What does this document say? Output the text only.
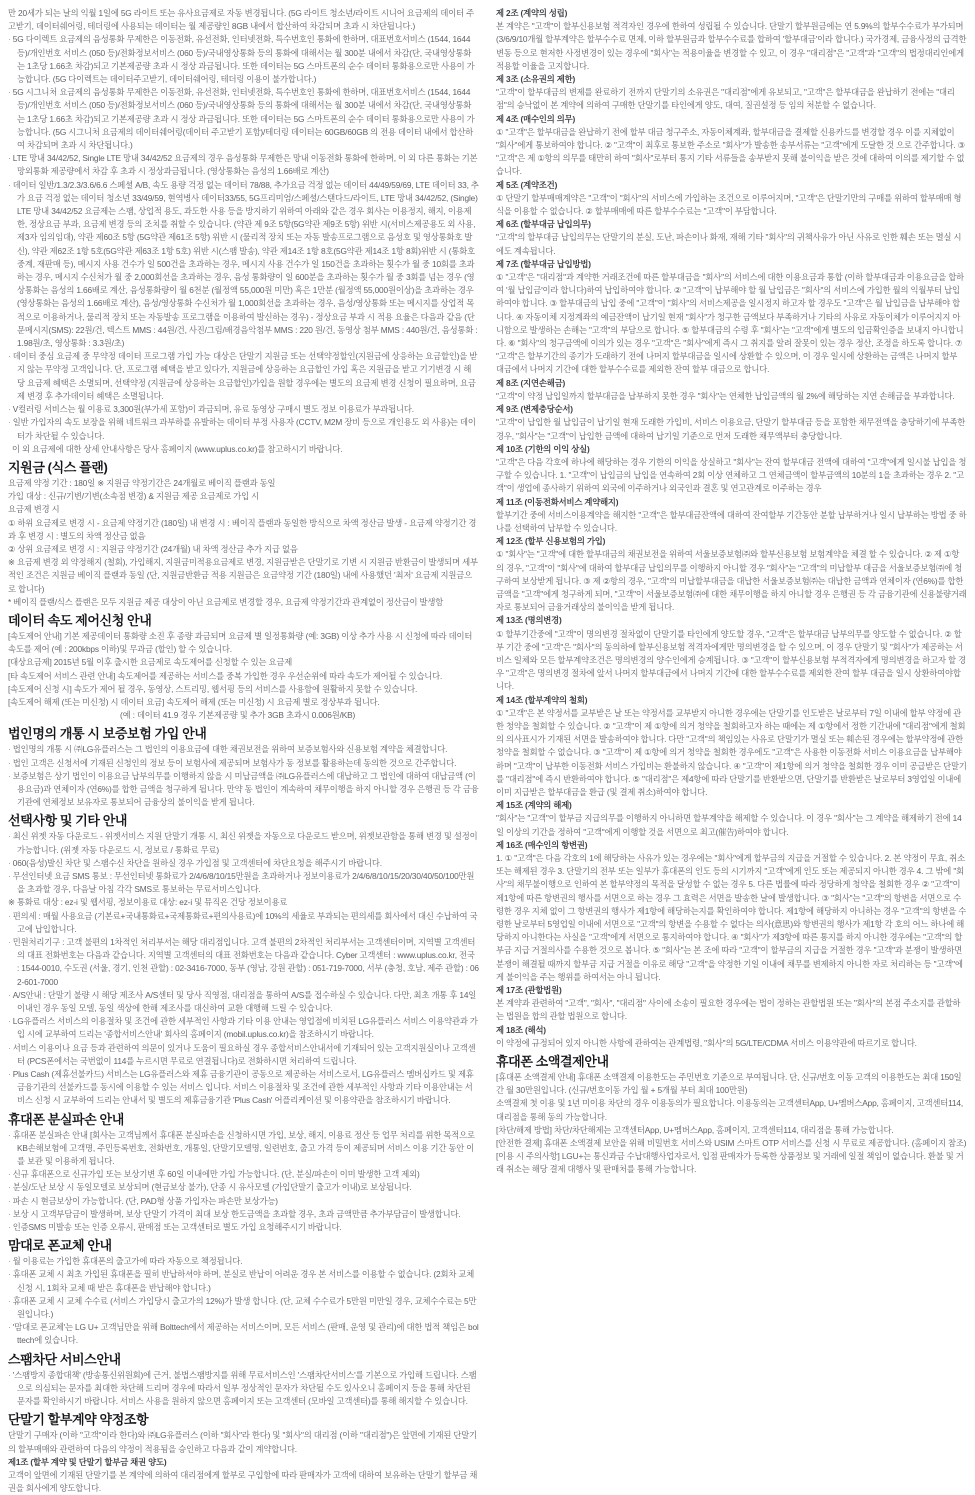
만 20세가 되는 날의 익월 1일에 5G 라이트 또는 유사요금제로 자동 변경됩니다. (5G 라이트 청소년/라이트 시니어 요금제의 데이터 주고받기, 데이터쉐어링, 테더링에 사용되는 데이터는 월 제공량인 8GB 내에서 합산하여 차감되며 초과 시 차단됩니다.)
· 5G 다이렉트 요금제의 음성통화 무제한은 이동전화, 유선전화, 인터넷전화, 특수번호인 통화에 한하며, 대표번호서비스 (1544, 1644 등)/개인번호 서비스 (050 등)/전화정보서비스 (060 등)/국내영상통화 등의 통화에 대해서는 월 300분 내에서 차감(단, 국내영상통화는 1초당 1.66초 차감)되고 기본제공량 초과 시 정상 과금됩니다. 또한 데이터는 5G 스마트폰의 순수 데이터 통화용으로만 사용이 가능합니다. (5G 다이렉트는 데이터주고받기, 데이터쉐어링, 테더링 이용이 불가합니다.)
· 5G 시그니처 요금제의 음성통화 무제한은 이동전화, 유선전화, 인터넷전화, 특수번호인 통화에 한하며, 대표번호서비스 (1544, 1644 등)/개인번호 서비스 (050 등)/전화정보서비스 (060 등)/국내영상통화 등의 통화에 대해서는 월 300분 내에서 차감(단, 국내영상통화는 1초당 1.66초 차감)되고 기본제공량 초과 시 정상 과금됩니다. 또한 데이터는 5G 스마트폰의 순수 데이터 통화용으로만 사용이 가능합니다. (5G 시그니처 요금제의 데이터쉐어링(데이터 주고받기 포함)/테더링 데이터는 60GB/60GB 의 전용 데이터 내에서 합산하여 차감되며 초과 시 차단됩니다.)
· LTE 망내 34/42/52, Single LTE 망내 34/42/52 요금제의 경우 음성통화 무제한은 망내 이동전화 통화에 한하며, 이 외 다른 통화는 기본 망외통화 제공량에서 차감 후 초과 시 정상과금됩니다. (영상통화는 음성의 1.66배로 계산)
· 데이터 일반/1.3/2.3/3.6/6.6 스페셜 A/B, 속도 용량 걱정 없는 데이터 78/88, 추가요금 걱정 없는 데이터 44/49/59/69, LTE 데이터 33, 추가 요금 걱정 없는 데이터 청소년 33/49/59, 현역병사 데이터33/55, 5G프리미엄/스페셜/스탠다드/라이트, LTE 망내 34/42/52, (Single)LTE 망내 34/42/52 요금제는 스팸, 상업적 용도, 과도한 사용 등을 방지하기 위하여 아래와 같은 경우 회사는 이용정지, 해지, 이용제한, 정상요금 부과, 요금제 변경 등의 조치를 취할 수 있습니다. (약관 제 9조 5항(5G약관 제9조 5항) 위반 시(서비스제공용도 외 사용, 제3자 임의임대), 약관 제60조 5항 (5G약관 제61조 5항) 위반 시 (물리적 장치 또는 자동 발송프로그램으로 음성호 및 영상통화호 발신), 약관 제62조 1항 5호(5G약관 제63조 1항 5호) 위반 시(스팸 발송), 약관 제14조 1항 8호(5G약관 제14조 1항 8회)위반 시 (통화호 중계, 재판매 등), 메시지 사용 건수가 일 500건을 초과하는 경우, 메시지 사용 건수가 일 150건을 초과하는 횟수가 월 중 10회를 초과하는 경우, 메시지 수신처가 월 중 2,000회선을 초과하는 경우, 음성 통화량이 일 600분을 초과하는 횟수가 월 중 3회를 넘는 경우 (영상통화는 음성의 1.66배로 계산, 음성통화량이 월 6천분 (월정액 55,000원 미만) 혹은 1만분 (월정액 55,000원이상)을 초과하는 경우 (영상통화는 음성의 1.66배로 계산), 음성/영상통화 수신처가 월 1,000회선을 초과하는 경우, 음성/영상통화 또는 메시지를 상업적 목적으로 이용하거나, 물리적 장치 또는 자동발송 프로그램을 이용하여 발신하는 경우) - 정상요금 부과 시 적용 요율은 다음과 같음 (단문메시지(SMS): 22원/건, 텍스트 MMS : 44원/건, 사진/그림/배경음악첨부 MMS : 220 원/건, 동영상 첨부 MMS : 440원/건, 음성통화 : 1.98원/초, 영상통화 : 3.3원/초)
· 데이터 중심 요금제 중 무약정 데이터 프로그램 가입 가능 대상은 단말기 지원금 또는 선택약정할인(지원금에 상응하는 요금할인)을 받지 않는 무약정 고객입니다. 단, 프로그램 혜택을 받고 있다가, 지원금에 상응하는 요금할인 가입 혹은 지원금을 받고 기기변경 시 해당 요금제 혜택은 소멸되며, 선택약정 (지원금에 상응하는 요금할인)가입을 원할 경우에는 별도의 요금제 변경 신청이 필요하며, 요금제 변경 후 추가데이터 혜택은 소멸됩니다.
· V컬러링 서비스는 월 이용료 3,300원(부가세 포함)이 과금되며, 유료 동영상 구매시 별도 정보 이용료가 부과됩니다.
· 일반 가입자의 속도 보장을 위해 네트워크 과부하를 유발하는 데이터 부정 사용자 (CCTV, M2M 장비 등으로 개인용도 외 사용)는 데이터가 차단될 수 있습니다.
이 외 요금제에 대한 상세 안내사항은 당사 홈페이지 (www.uplus.co.kr)를 참고하시기 바랍니다.
지원금 (식스 플랜)
요금제 약정 기간 : 180일 ※ 지원금 약정기간은 24개월로 베이직 플랜과 동일
가입 대상 : 신규/기변/기변(소속점 변경) & 지원금 제공 요금제로 가입 시
요금제 변경 시
① 하위 요금제로 변경 시 - 요금제 약정기간 (180일) 내 변경 시 : 베이직 플랜과 동일한 방식으로 차액 정산금 발생 - 요금제 약정기간 경과 후 변경 시 : 별도의 차액 정산금 없음
② 상위 요금제로 변경 시 : 지원금 약정기간 (24개월) 내 차액 정산금 추가 지급 없음
※ 요금제 변경 외 약정해지 (철회), 가입해지, 지원금미적용요금제로 변경, 지원금받은 단말기로 기변 시 지원금 반환금이 발생되며 세부적인 조건은 지원금 베이직 플랜과 동일 (단, 지원금반환금 적용 지원금은 요금약정 기간 (180일) 내에 사용했던 '최저' 요금제 지원금으로 합니다)
* 베이직 플랜/식스 플랜은 모두 지원금 제공 대상이 아닌 요금제로 변경할 경우, 요금제 약정기간과 관계없이 정산금이 발생함
데이터 속도 제어신청 안내
[속도제어 안내] 기본 제공데이터 통화량 소진 후 종량 과금되며 요금제 별 일정통화량 (예: 3GB) 이상 추가 사용 시 신청에 따라 데이터 속도를 제어 (예 : 200kbps 이하)및 무과금 (할인) 할 수 있습니다.
[대상요금제] 2015년 5월 이후 출시한 요금제로 속도제어를 신청할 수 있는 요금제
[타 속도제어 서비스 관련 안내] 속도제어를 제공하는 서비스를 중복 가입한 경우 우선순위에 따라 속도가 제어될 수 있습니다.
[속도제어 신청 시] 속도가 제어 될 경우, 동영상, 스트리밍, 웹서핑 등의 서비스를 사용함에 원활하지 못할 수 있습니다.
[속도제어 해제 (또는 미신청) 시 데이터 요금] 속도제어 해제 (또는 미신청) 시 요금제 별로 정상부과 됩니다.
(예 : 데이터 41.9 경우 기본제공량 및 추가 3GB 초과시 0.006원/KB)
법인명의 개통 시 보증보험 가입 안내
· 법인명의 개통 시 ㈜LG유플러스는 그 법인의 이용요금에 대한 채권보전을 위하여 보증보험사와 신용보험 계약을 체결합니다.
· 법인 고객은 신청서에 기재된 신청인의 정보 등이 보험사에 제공되며 보험사가 동 정보를 활용하는데 동의한 것으로 간주합니다.
· 보증보험은 상기 법인이 이용요금 납부의무를 이행하지 않을 시 미납금액을 ㈜LG유플러스에 대납하고 그 법인에 대하여 대납금액 (이용요금)과 연체이자 (연6%)를 합한 금액을 청구하게 됩니다. 만약 동 법인이 계속하여 채무이행을 하지 아니할 경우 은행권 등 각 금융기관에 연체정보 보유자로 통보되어 금융상의 불이익을 받게 됩니다.
선택사항 및 기타 안내
· 최신 위젯 자동 다운로드 - 위젯서비스 지원 단말기 개통 시, 최신 위젯을 자동으로 다운로드 받으며, 위젯보관함을 통해 변경 및 설정이 가능합니다. (위젯 자동 다운로드 시, 정보료 / 통화료 무료)
· 060(음성)발신 차단 및 스팸수신 차단을 원하실 경우 가입점 및 고객센터에 차단요청을 해주시기 바랍니다.
· 무선인터넷 요금 SMS 통보 : 무선인터넷 통화료가 2/4/6/8/10/15만원을 초과하거나 정보이용료가 2/4/6/8/10/15/20/30/40/50/100만원을 초과할 경우, 다음날 아침 각각 SMS로 통보하는 무료서비스입니다.
※ 통화료 대상 : ez-i 및 웹서핑, 정보이용료 대상: ez-i 및 뮤직온 건당 정보이용료
· 편의세 : 매월 사용요금 (기본료+국내통화료+국제통화료+편의사용료)에 10%의 세율로 부과되는 편의세를 회사에서 대신 수납하여 국고에 납입합니다.
· 민원처리기구 : 고객 불편의 1차적인 처리부서는 해당 대리점입니다. 고객 불편의 2차적인 처리부서는 고객센터이며, 지역별 고객센터의 대표 전화번호는 다음과 같습니다. 지역별 고객센터의 대표 전화번호는 다음과 같습니다. Cyber 고객센터 : www.uplus.co.kr, 전국 : 1544-0010, 수도권 (서울, 경기, 인천 관할) : 02-3416-7000, 동부 (영남, 강원 관할) : 051-719-7000, 서부 (충청, 호남, 제주 관할) : 062-601-7000
· A/S안내 : 단말기 불량 시 해당 제조사 A/S센터 및 당사 직영점, 대리점을 통하여 A/S를 접수하실 수 있습니다. 다만, 최초 개통 후 14일 이내인 경우 동일 모델, 동일 색상에 한해 제조사를 대신하여 교환 대행해 드릴 수 있습니다.
· LG유플러스 서비스의 이용절차 및 조건에 관한 세부적인 사항과 기타 이용 안내는 영업점에 비치된 LG유플러스 서비스 이용약관과 가입 시에 교부하여 드리는 '종합서비스안내' 회사의 홈페이지 (mobil.uplus.co.kr)을 참조하시기 바랍니다.
· 서비스 이용이나 요금 등과 관련하여 의문이 있거나 도움이 필요하실 경우 종합서비스안내서에 기재되어 있는 고객지원실이나 고객센터 (PCS폰에서는 국번없이 114를 누르시면 무료로 연결됩니다)로 전화하시면 처리하여 드립니다.
· Plus Cash (제휴선불카드) 서비스는 LG유플러스와 제휴 금융기관이 공동으로 제공하는 서비스로서, LG유플러스 멤버십카드 및 제휴 금융기관의 선불카드를 동시에 이용할 수 있는 서비스 입니다. 서비스 이용절차 및 조건에 관한 세부적인 사항과 기타 이용안내는 서비스 신청 시 교부하여 드리는 안내서 및 별도의 제휴금융기관 'Plus Cash' 어플리케이션 및 이용약관을 참조하시기 바랍니다.
휴대폰 분실파손 안내
· 휴대폰 분실파손 안내 [회사는 고객님께서 휴대폰 분실파손을 신청하시면 가입, 보상, 해지, 이용료 정산 등 업무 처리를 위한 목적으로 KB손해보험에 고객명, 주민등록번호, 전화번호, 개통일, 단말기모델명, 일련번호, 출고 가격 등이 제공되며 서비스 이용 기간 동안 이를 보관 및 이용하게 됩니다.
· 신규 휴대폰으로 신규가입 또는 보상기변 후 60일 이내에만 가입 가능합니다. (단, 분실/파손이 이미 발생한 고객 제외)
· 분실/도난 보상 시 동일모델로 보상되며 (현금보상 불가), 단종 시 유사모델 (가입단말기 출고가 이내)로 보상됩니다.
· 파손 시 현금보상이 가능합니다. (단, PAD형 상품 가입자는 파손만 보상가능)
· 보상 시 고객부담금이 발생하며, 보상 단말기 가격이 최대 보상 한도금액을 초과할 경우, 초과 금액만큼 추가부담금이 발생합니다.
· 인증SMS 미발송 또는 인증 오류시, 판매점 또는 고객센터로 별도 가입 요청해주시기 바랍니다.
맘대로 폰교체 안내
· 월 이용료는 가입한 휴대폰의 출고가에 따라 자동으로 책정됩니다.
· 휴대폰 교체 시 최초 가입된 휴대폰을 필히 반납하셔야 하며, 분실로 반납이 어려운 경우 본 서비스를 이용할 수 없습니다. (2회차 교체 신청 시, 1회차 교체 때 받은 휴대폰을 반납해야 합니다.)
· 휴대폰 교체 시 교체 수수료 (서비스 가입당시 출고가의 12%)가 발생 합니다. (단, 교체 수수료가 5만원 미만일 경우, 교체수수료는 5만원입니다.)
· '맘대로 폰교체'는 LG U+ 고객님만을 위해 Bolttech에서 제공하는 서비스이며, 모든 서비스 (판매, 운영 및 관리)에 대한 법적 책임은 bolttech에 있습니다.
스팸차단 서비스안내
· '스팸방지 종합대책' (방송통신위원회)에 근거, 불법스팸방지를 위해 무료서비스인 '스팸차단서비스'를 기본으로 가입해 드립니다. 스팸으로 의심되는 문자를 최대한 차단해 드리며 경우에 따라서 일부 정상적인 문자가 차단될 수도 있사오니 홈페이지 등을 통해 차단된 문자를 확인하시기 바랍니다. 서비스 사용을 원하지 않으면 홈페이지 또는 고객센터 (모바일 고객센터)를 통해 해지할 수 있습니다.
단말기 할부계약 약정조항
단말기 구매자 (이하 "고객"이라 한다)와 ㈜LG유플러스 (이하 "회사"라 한다) 및 "회사"의 대리점 (이하 "대리점")은 앞면에 기재된 단말기의 할부매매와 관련하여 다음의 약정이 적용됨을 승인하고 다음과 같이 계약합니다.
제1조 (할부 계약 및 단말기 할부금 채권 양도)
고객이 앞면에 기재된 단말기를 본 계약에 의하여 대리점에게 할부로 구입함에 따라 판매자가 고객에 대하여 보유하는 단말기 할부금 채권을 회사에게 양도합니다.
제 2조 (계약의 성립)
본 계약은 "고객"이 할부신용보험 적격자인 경우에 한하여 성립될 수 있습니다. 단말기 할부원금에는 연 5.9%의 할부수수료가 부가되며 (3/6/9/10개월 할부계약은 할부수수료 면제, 이하 할부원금과 할부수수료를 합하여 '할부대금'이라 합니다.) 국가경제, 금융사정의 급격한 변동 등으로 현저한 사정변경이 있는 경우에 "회사"는 적용이율을 변경할 수 있고, 이 경우 "대리점"은 "고객"과 "고객"의 법정대리인에게 적용할 이율을 고지합니다.
제 3조 (소유권의 제한)
"고객"이 할부대금의 변제를 완료하기 전까지 단말기의 소유권은 "대리점"에게 유보되고, "고객"은 할부대금을 완납하기 전에는 "대리점"의 승낙없이 본 계약에 의하여 구매한 단말기를 타인에게 양도, 대여, 질권설정 등 임의 처분할 수 없습니다.
제 4조 (매수인의 의무)
① "고객"은 할부대금을 완납하기 전에 할부 대금 청구주소, 자동이체계좌, 할부대금을 결제할 신용카드를 변경할 경우 이를 지체없이 "회사"에게 통보하여야 합니다. ② "고객"이 최후로 통보한 주소로 "회사"가 발송한 송부서류는 "고객"에게 도달한 것 으로 간주합니다. ③ "고객"은 제 ①항의 의무를 태만히 하여 "회사"로부터 통지 기타 서류들을 송부받지 못해 불이익을 받은 것에 대하여 이의를 제기할 수 없습니다.
제 5조 (계약조건)
① 단말기 할부매매계약은 "고객"이 "회사"의 서비스에 가입하는 조건으로 이루어지며, "고객"은 단말기만의 구매를 위하여 할부매매 형식을 이용할 수 없습니다. ② 할부매매에 따른 할부수수료는 "고객"이 부담합니다.
제 6조 (할부대금 납입의무)
"고객"의 할부대금 납입의무는 단말기의 분실, 도난, 파손이나 화재, 재해 기타 "회사"의 귀책사유가 아닌 사유로 인한 훼손 또는 멸실 시에도 계속됩니다.
제 7조 (할부대금 납입방법)
① "고객"은 "대리점"과 계약한 거래조건에 따른 할부대금을 "회사"의 서비스에 대한 이용요금과 통합 (이하 할부대금과 이용요금을 합하여 '월 납입금'이라 합니다)하여 납입하여야 합니다. ② "고객"이 납부해야 할 월 납입금은 "회사"의 서비스에 가입한 월의 익월부터 납입하여야 합니다. ③ 할부대금의 납입 중에 "고객"이 "회사"의 서비스제공을 일시정지 하고자 할 경우도 "고객"은 월 납입금을 납부해야 합니다. ④ 자동이체 지정계좌의 예금잔액이 납기일 현재 "회사"가 청구한 금액보다 부족하거나 기타의 사유로 자동이체가 이루어지지 아니함으로 발생하는 손해는 "고객"의 부담으로 합니다. ⑤ 할부대금의 수령 후 "회사"는 "고객"에게 별도의 입금확인증을 보내지 아니합니다. ⑥ "회사"의 청구금액에 이의가 있는 경우 "고객"은 "회사"에게 즉시 그 취지를 알려 잘못이 있는 경우 정산, 조정을 하도록 합니다. ⑦ "고객"은 할부기간의 종기가 도래하기 전에 나머지 할부대금을 일시에 상환할 수 있으며, 이 경우 일시에 상환하는 금액은 나머지 할부 대금에서 나머지 기간에 대한 할부수수료를 제외한 잔여 할부 대금으로 합니다.
제 8조 (지연손해금)
"고객"이 약정 납입일까지 할부대금을 납부하지 못한 경우 "회사"는 연체한 납입금액의 월 2%에 해당하는 지연 손해금을 부과합니다.
제 9조 (변제충당순서)
"고객"이 납입한 월 납입금이 납기일 현재 도래한 가입비, 서비스 이용요금, 단말기 할부대금 등을 포함한 채무전액을 충당하기에 부족한 경우, "회사"는 "고객"이 납입한 금액에 대하여 납기일 기준으로 먼저 도래한 채무액부터 충당합니다.
제 10조 (기한의 이익 상실)
"고객"은 다음 각호에 하나에 해당하는 경우 기한의 이익을 상실하고 "회사"는 잔여 할부대금 전액에 대하여 "고객"에게 일시불 납입을 청구할 수 있습니다. 1. "고객"이 납입금의 납입을 연속하여 2회 이상 연체하고 그 연체금액이 할부금액의 10분의 1을 초과하는 경우 2. "고객"이 생업에 종사하기 위하여 외국에 이주하거나 외국인과 결혼 및 연고관계로 이주하는 경우
제 11조 (이동전화서비스 계약해지)
할부기간 중에 서비스이용계약을 해지한 "고객"은 할부대금잔액에 대하여 잔여할부 기간동안 분할 납부하거나 일시 납부하는 방법 중 하나를 선택하여 납부할 수 있습니다.
제 12조 (할부 신용보험의 가입)
① "회사"는 "고객"에 대한 할부대금의 채권보전을 위하여 서울보증보험㈜와 할부신용보험 보험계약을 체결 할 수 있습니다. ② 제 ①항의 경우, "고객"이 "회사"에 대하여 할부대금 납입의무를 이행하지 아니할 경우 "회사"는 "고객"의 미납할부 대금을 서울보증보험㈜에 청구하여 보상받게 됩니다. ③ 제 ②항의 경우, "고객"의 미납할부대금을 대납한 서울보증보험㈜는 대납한 금액과 연체이자 (연6%)를 합한 금액을 "고객"에게 청구하게 되며, "고객"이 서울보증보험㈜에 대한 채무이행을 하지 아니할 경우 은행권 등 각 금융기관에 신용불량거래자로 통보되어 금융거래상의 불이익을 받게 됩니다.
제 13조 (명의변경)
① 할부기간중에 "고객"이 명의변경 절차없이 단말기를 타인에게 양도할 경우, "고객"은 할부대금 납부의무를 양도할 수 없습니다. ② 할부 기간 중에 "고객"은 "회사"의 동의하에 할부신용보험 적격자에게만 명의변경을 할 수 있으며, 이 경우 단말기 및 "회사"가 제공하는 서비스 일체와 모든 할부계약조건은 명의변경의 양수인에게 승계됩니다. ③ "고객"이 할부신용보험 부적격자에게 명의변경을 하고자 할 경우 "고객"은 명의변경 절차에 앞서 나머지 할부대금에서 나머지 기간에 대한 할부수수료를 제외한 잔여 할부 대금을 일시 상환하여야합니다.
제 14조 (할부계약의 철회)
① "고객"은 본 약정서를 교부받은 날 또는 약정서를 교부받지 아니한 경우에는 단말기를 인도받은 날로부터 7일 이내에 할부 약정에 관한 청약을 철회할 수 있습니다. ② "고객"이 제 ①항에 의거 청약을 철회하고자 하는 때에는 제 ①항에서 정한 기간내에 "대리점"에게 철회의 의사표시가 기재된 서면을 발송하여야 합니다. 다만 "고객"의 책임있는 사유로 단말기가 멸실 또는 훼손된 경우에는 할부약정에 관한 청약을 철회할 수 없습니다. ③ "고객"이 제 ①항에 의거 청약을 철회한 경우에도 "고객"은 사용한 이동전화 서비스 이용요금을 납부해야 하며 "고객"이 납부한 이동전화 서비스 가입비는 환불하지 않습니다. ④ "고객"이 제1항에 의거 청약을 철회한 경우 이미 공급받은 단말기를 "대리점"에 즉시 반환하여야 합니다. ⑤ "대리점"은 제4항에 따라 단말기를 반환받으면, 단말기를 반환받은 날로부터 3영업일 이내에 이미 지급받은 할부대금을 환급 (및 결제 취소)하여야 합니다.
제 15조 (계약의 해제)
"회사"는 "고객"이 할부금 지급의무를 이행하지 아니하면 할부계약을 해제할 수 있습니다. 이 경우 "회사"는 그 계약을 해제하기 전에 14일 이상의 기간을 정하여 "고객"에게 이행할 것을 서면으로 최고(催告)하여야 합니다.
제 16조 (매수인의 항변권)
1. ① "고객"은 다음 각호의 1에 해당하는 사유가 있는 경우에는 "회사"에게 할부금의 지급을 거절할 수 있습니다. 2. 본 약정이 무효, 취소 또는 해제된 경우 3. 단말기의 전부 또는 일부가 휴대폰의 인도 등의 시기까지 "고객"에게 인도 또는 제공되지 아니한 경우 4. 그 밖에 "회사"의 채무불이행으로 인하여 본 할부약정의 목적을 달성할 수 없는 경우 5. 다른 법률에 따라 정당하게 청약을 철회한 경우 ② "고객"이 제1항에 따른 항변권의 행사를 서면으로 하는 경우 그 효력은 서면을 발송한 날에 발생합니다. ③ "회사"는 "고객"의 항변을 서면으로 수령한 경우 지체 없이 그 항변권의 행사가 제1항에 해당하는지를 확인하여야 합니다. 제1항에 해당하지 아니하는 경우 "고객"의 항변을 수령한 날로부터 5영업일 이내에 서면으로 "고객"의 항변을 수용할 수 없다는 의사(意思)와 항변권의 행사가 제1항 각 호의 어느 하나에 해당하지 아니한다는 사실을 "고객"에게 서면으로 통지하여야 합니다. ④ "회사"가 제3항에 따른 통지를 하지 아니한 경우에는 "고객"의 할부금 지급 거절의사를 수용한 것으로 봅니다. ⑤ "회사"는 본 조에 따라 "고객"이 할부금의 지급을 거절한 경우 "고객"과 분쟁이 발생하면 분쟁이 해결될 때까지 할부금 지급 거절을 이유로 해당 "고객"을 약정한 기일 이내에 채무를 변제하지 아니한 자로 처리하는 등 "고객"에게 불이익을 주는 행위를 하여서는 아니 됩니다.
제 17조 (관할법원)
본 계약과 관련하여 "고객", "회사", "대리점" 사이에 소송이 필요한 경우에는 법이 정하는 관할법원 또는 "회사"의 본점 주소지를 관할하는 법원을 합의 관할 법원으로 합니다.
제 18조 (해석)
이 약정에 규정되어 있지 아니한 사항에 관하여는 관계법령, "회사"의 5G/LTE/CDMA 서비스 이용약관에 따르기로 합니다.
휴대폰 소액결제안내
[휴대폰 소액결제 안내] 휴대폰 소액결제 이용한도는 주민번호 기준으로 부여됩니다. 단, 신규/번호 이동 고객의 이용한도는 최대 150일간 월 30만원입니다. (신규/번호이동 가입 월 + 5개월 부터 최대 100만원)
소액결제 첫 이용 및 1년 미이용 차단의 경우 이용동의가 필요합니다. 이용동의는 고객센터App, U+멤버스App, 홈페이지, 고객센터114, 대리점을 통해 동의 가능합니다.
[차단/해제 방법] 차단/차단해제는 고객센터App, U+멤버스App, 홈페이지, 고객센터114, 대리점을 통해 가능합니다.
[안전한 결제] 휴대폰 소액결제 보안을 위해 비밀번호 서비스와 USIM 스마트 OTP 서비스를 신청 시 무료로 제공합니다. (홈페이지 참조)
[이용 시 주의사항] LGU+는 통신과금 수납대행사업자로서, 입점 판매자가 등록한 상품정보 및 거래에 일절 책임이 없습니다. 환불 및 거래 취소는 해당 결제 대행사 및 판매처를 통해 가능합니다.
